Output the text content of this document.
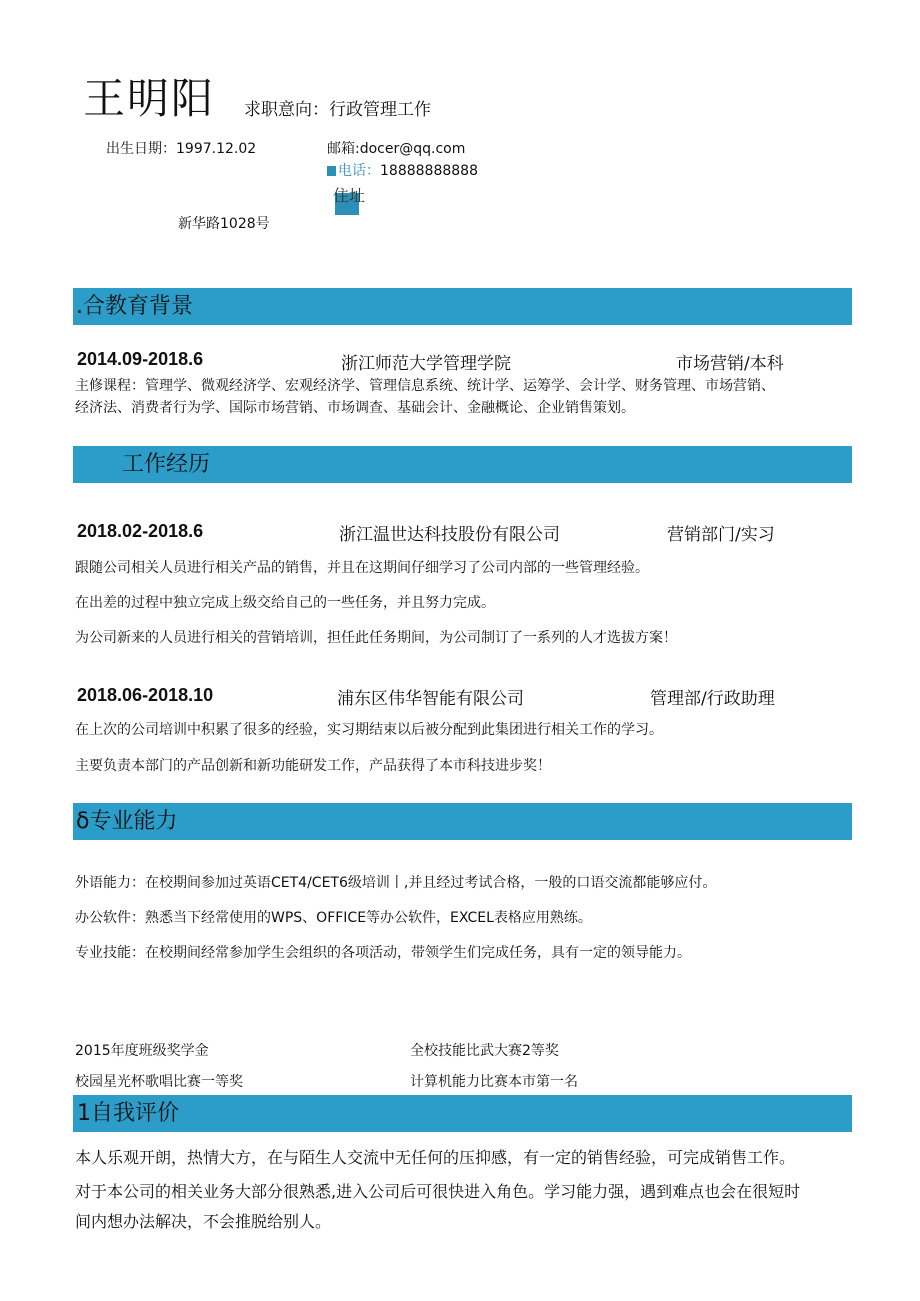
王明阳 求职意向：行政管理工作
出生日期：1997.12.02	邮箱:docer@qq.com
电话：18888888888
住址
新华路1028号
.合教育背景
2014.09-2018.6	浙江师范大学管理学院	市场营销/本科
主修课程：管理学、微观经济学、宏观经济学、管理信息系统、统计学、运筹学、会计学、财务管理、市场营销、
经济法、消费者行为学、国际市场营销、市场调查、基础会计、金融概论、企业销售策划。
工作经历
2018.02-2018.6	浙江温世达科技股份有限公司	营销部门/实习
跟随公司相关人员进行相关产品的销售，并且在这期间仔细学习了公司内部的一些管理经验。
在出差的过程中独立完成上级交给自己的一些任务，并且努力完成。
为公司新来的人员进行相关的营销培训，担任此任务期间，为公司制订了一系列的人才选拔方案！
2018.06-2018.10	浦东区伟华智能有限公司	管理部/行政助理
在上次的公司培训中积累了很多的经验，实习期结束以后被分配到此集团进行相关工作的学习。
主要负责本部门的产品创新和新功能研发工作，产品获得了本市科技进步奖！
δ专业能力
外语能力：在校期间参加过英语CET4/CET6级培训丨,并且经过考试合格，一般的口语交流都能够应付。
办公软件：熟悉当下经常使用的WPS、OFFICE等办公软件，EXCEL表格应用熟练。
专业技能：在校期间经常参加学生会组织的各项活动，带领学生们完成任务，具有一定的领导能力。
2015年度班级奖学金	全校技能比武大赛2等奖
校园星光杯歌唱比赛一等奖	计算机能力比赛本市第一名
1自我评价
本人乐观开朗，热情大方，在与陌生人交流中无任何的压抑感，有一定的销售经验，可完成销售工作。
对于本公司的相关业务大部分很熟悉,进入公司后可很快进入角色。学习能力强，遇到难点也会在很短时
间内想办法解决，不会推脱给别人。
